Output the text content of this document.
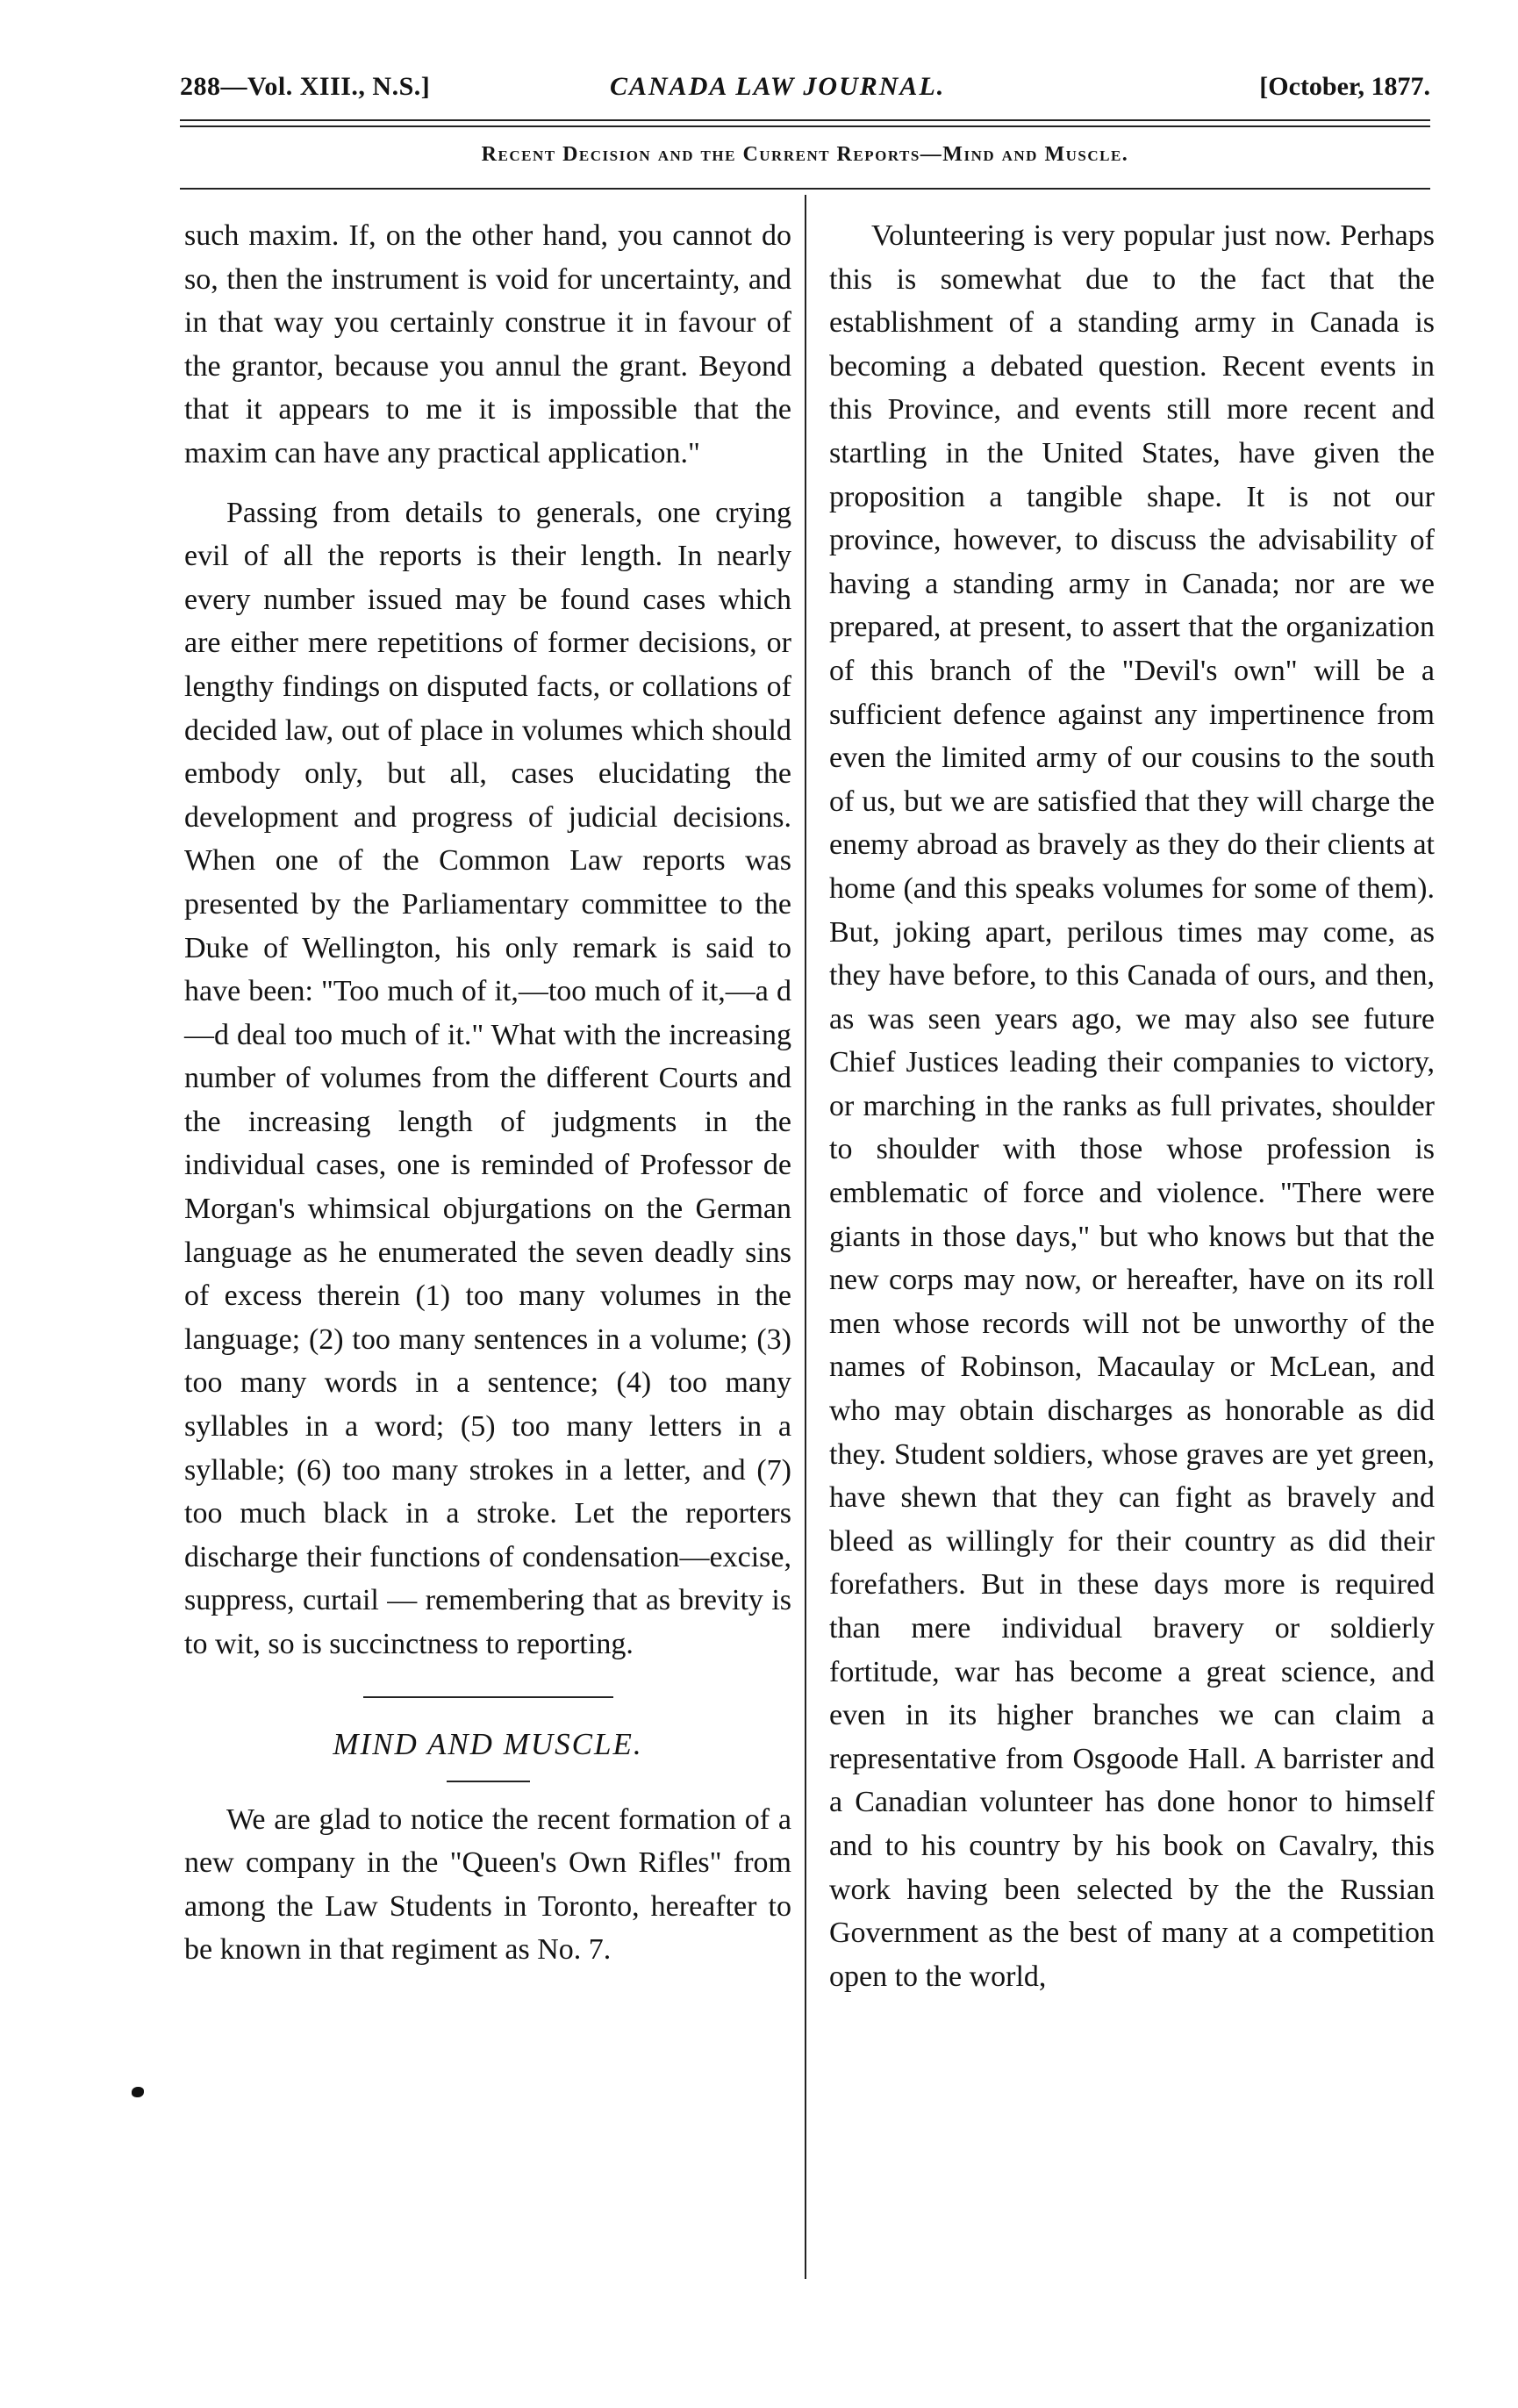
288—Vol. XIII., N.S.]	CANADA LAW JOURNAL.	[October, 1877.
Recent Decision and the Current Reports—Mind and Muscle.

such maxim. If, on the other hand, you cannot do so, then the instrument is void for uncertainty, and in that way you certainly construe it in favour of the grantor, because you annul the grant. Beyond that it appears to me it is impossible that the maxim can have any practical application."

Passing from details to generals, one crying evil of all the reports is their length. In nearly every number issued may be found cases which are either mere repetitions of former decisions, or lengthy findings on disputed facts, or collations of decided law, out of place in volumes which should embody only, but all, cases elucidating the development and progress of judicial decisions. When one of the Common Law reports was presented by the Parliamentary committee to the Duke of Wellington, his only remark is said to have been: "Too much of it,—too much of it,—a d—d deal too much of it." What with the increasing number of volumes from the different Courts and the increasing length of judgments in the individual cases, one is reminded of Professor de Morgan's whimsical objurgations on the German language as he enumerated the seven deadly sins of excess therein (1) too many volumes in the language; (2) too many sentences in a volume; (3) too many words in a sentence; (4) too many syllables in a word; (5) too many letters in a syllable; (6) too many strokes in a letter, and (7) too much black in a stroke. Let the reporters discharge their functions of condensation—excise, suppress, curtail — remembering that as brevity is to wit, so is succinctness to reporting.

MIND AND MUSCLE.

We are glad to notice the recent formation of a new company in the "Queen's Own Rifles" from among the Law Students in Toronto, hereafter to be known in that regiment as No. 7.

Volunteering is very popular just now. Perhaps this is somewhat due to the fact that the establishment of a standing army in Canada is becoming a debated question. Recent events in this Province, and events still more recent and startling in the United States, have given the proposition a tangible shape. It is not our province, however, to discuss the advisability of having a standing army in Canada; nor are we prepared, at present, to assert that the organization of this branch of the "Devil's own" will be a sufficient defence against any impertinence from even the limited army of our cousins to the south of us, but we are satisfied that they will charge the enemy abroad as bravely as they do their clients at home (and this speaks volumes for some of them). But, joking apart, perilous times may come, as they have before, to this Canada of ours, and then, as was seen years ago, we may also see future Chief Justices leading their companies to victory, or marching in the ranks as full privates, shoulder to shoulder with those whose profession is emblematic of force and violence. "There were giants in those days," but who knows but that the new corps may now, or hereafter, have on its roll men whose records will not be unworthy of the names of Robinson, Macaulay or McLean, and who may obtain discharges as honorable as did they. Student soldiers, whose graves are yet green, have shewn that they can fight as bravely and bleed as willingly for their country as did their forefathers. But in these days more is required than mere individual bravery or soldierly fortitude, war has become a great science, and even in its higher branches we can claim a representative from Osgoode Hall. A barrister and a Canadian volunteer has done honor to himself and to his country by his book on Cavalry, this work having been selected by the the Russian Government as the best of many at a competition open to the world,
